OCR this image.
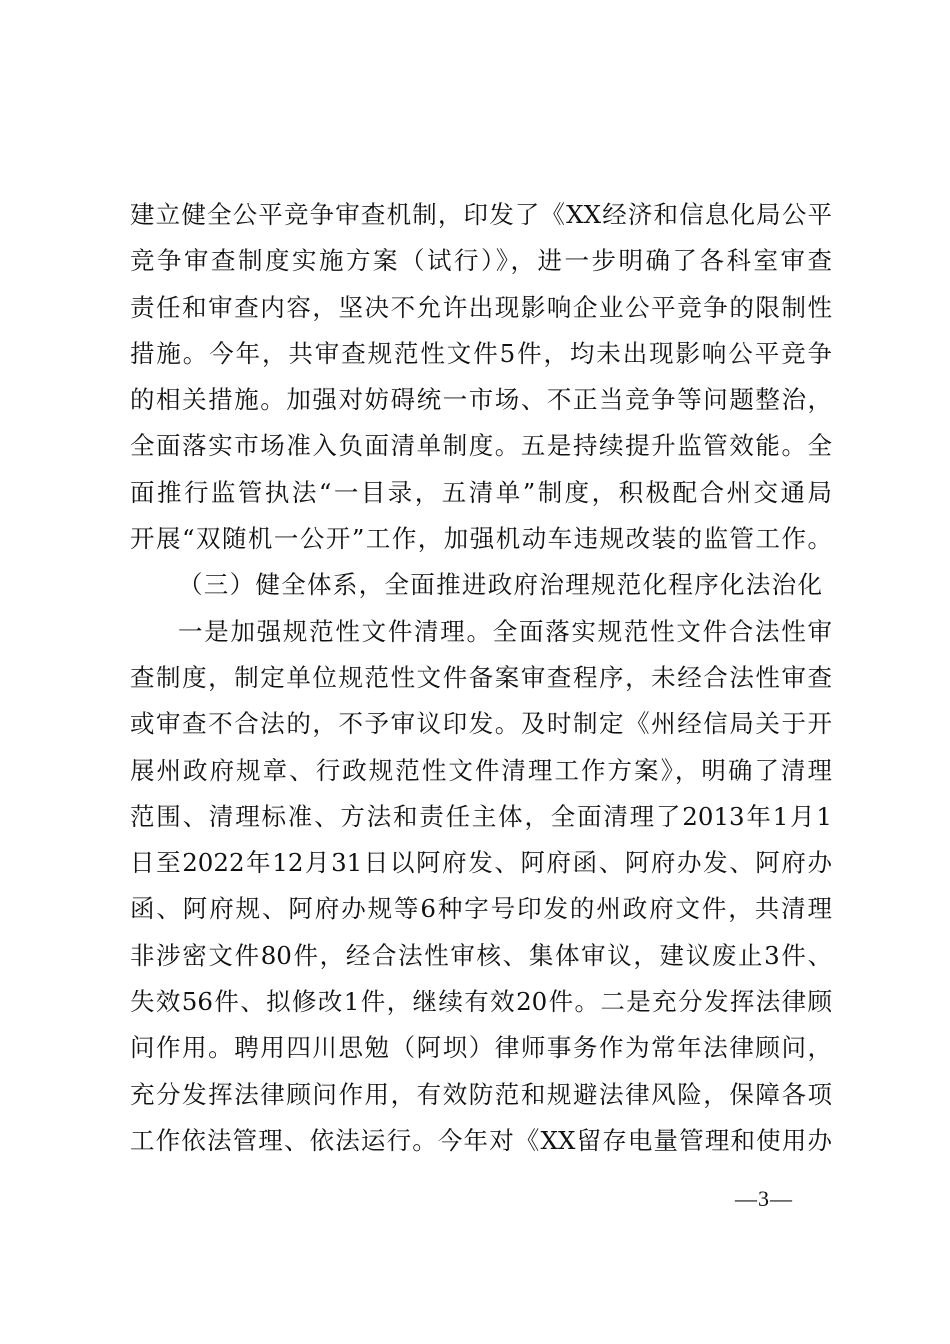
建立健全公平竞争审查机制，印发了《XX经济和信息化局公平
竞争审查制度实施方案（试行）》，进一步明确了各科室审查
责任和审查内容，坚决不允许出现影响企业公平竞争的限制性
措施。今年，共审查规范性文件5件，均未出现影响公平竞争
的相关措施。加强对妨碍统一市场、不正当竞争等问题整治，
全面落实市场准入负面清单制度。五是持续提升监管效能。全
面推行监管执法“一目录，五清单”制度，积极配合州交通局
开展“双随机一公开”工作，加强机动车违规改装的监管工作。
（三）健全体系，全面推进政府治理规范化程序化法治化
一是加强规范性文件清理。全面落实规范性文件合法性审
查制度，制定单位规范性文件备案审查程序，未经合法性审查
或审查不合法的，不予审议印发。及时制定《州经信局关于开
展州政府规章、行政规范性文件清理工作方案》，明确了清理
范围、清理标准、方法和责任主体，全面清理了2013年1月1
日至2022年12月31日以阿府发、阿府函、阿府办发、阿府办
函、阿府规、阿府办规等6种字号印发的州政府文件，共清理
非涉密文件80件，经合法性审核、集体审议，建议废止3件、
失效56件、拟修改1件，继续有效20件。二是充分发挥法律顾
问作用。聘用四川思勉（阿坝）律师事务作为常年法律顾问，
充分发挥法律顾问作用，有效防范和规避法律风险，保障各项
工作依法管理、依法运行。今年对《XX留存电量管理和使用办
—3—
